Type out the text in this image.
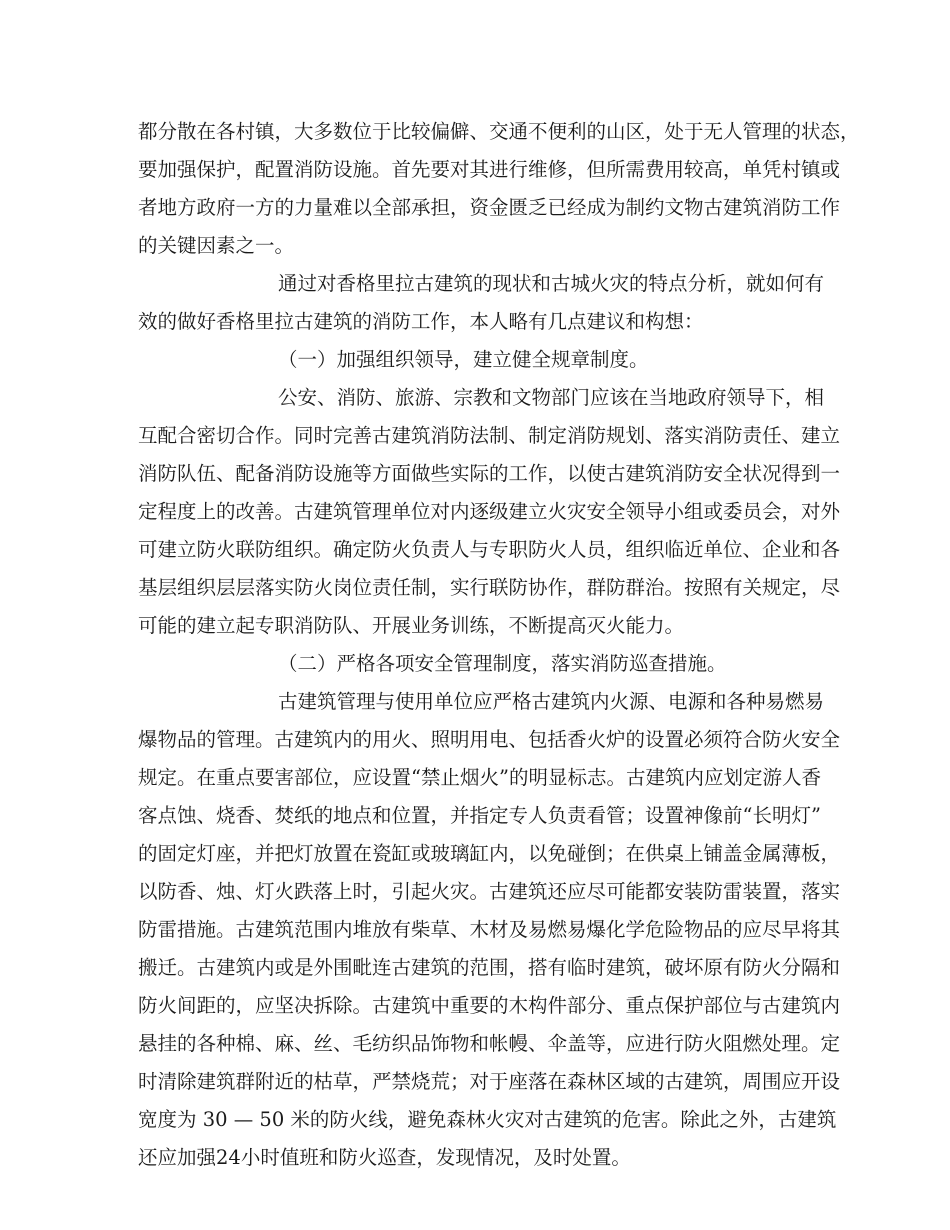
都分散在各村镇，大多数位于比较偏僻、交通不便利的山区，处于无人管理的状态，
要加强保护，配置消防设施。首先要对其进行维修，但所需费用较高，单凭村镇或
者地方政府一方的力量难以全部承担，资金匮乏已经成为制约文物古建筑消防工作
的关键因素之一。
通过对香格里拉古建筑的现状和古城火灾的特点分析，就如何有
效的做好香格里拉古建筑的消防工作，本人略有几点建议和构想：
（一）加强组织领导，建立健全规章制度。
公安、消防、旅游、宗教和文物部门应该在当地政府领导下，相
互配合密切合作。同时完善古建筑消防法制、制定消防规划、落实消防责任、建立
消防队伍、配备消防设施等方面做些实际的工作，以使古建筑消防安全状况得到一
定程度上的改善。古建筑管理单位对内逐级建立火灾安全领导小组或委员会，对外
可建立防火联防组织。确定防火负责人与专职防火人员，组织临近单位、企业和各
基层组织层层落实防火岗位责任制，实行联防协作，群防群治。按照有关规定，尽
可能的建立起专职消防队、开展业务训练，不断提高灭火能力。
（二）严格各项安全管理制度，落实消防巡查措施。
古建筑管理与使用单位应严格古建筑内火源、电源和各种易燃易
爆物品的管理。古建筑内的用火、照明用电、包括香火炉的设置必须符合防火安全
规定。在重点要害部位，应设置“禁止烟火”的明显标志。古建筑内应划定游人香
客点蚀、烧香、焚纸的地点和位置，并指定专人负责看管；设置神像前“长明灯”
的固定灯座，并把灯放置在瓷缸或玻璃缸内，以免碰倒；在供桌上铺盖金属薄板，
以防香、烛、灯火跌落上时，引起火灾。古建筑还应尽可能都安装防雷装置，落实
防雷措施。古建筑范围内堆放有柴草、木材及易燃易爆化学危险物品的应尽早将其
搬迁。古建筑内或是外围毗连古建筑的范围，搭有临时建筑，破坏原有防火分隔和
防火间距的，应坚决拆除。古建筑中重要的木构件部分、重点保护部位与古建筑内
悬挂的各种棉、麻、丝、毛纺织品饰物和帐幔、伞盖等，应进行防火阻燃处理。定
时清除建筑群附近的枯草，严禁烧荒；对于座落在森林区域的古建筑，周围应开设
宽度为 30 — 50 米的防火线，避免森林火灾对古建筑的危害。除此之外，古建筑
还应加强24小时值班和防火巡查，发现情况，及时处置。
